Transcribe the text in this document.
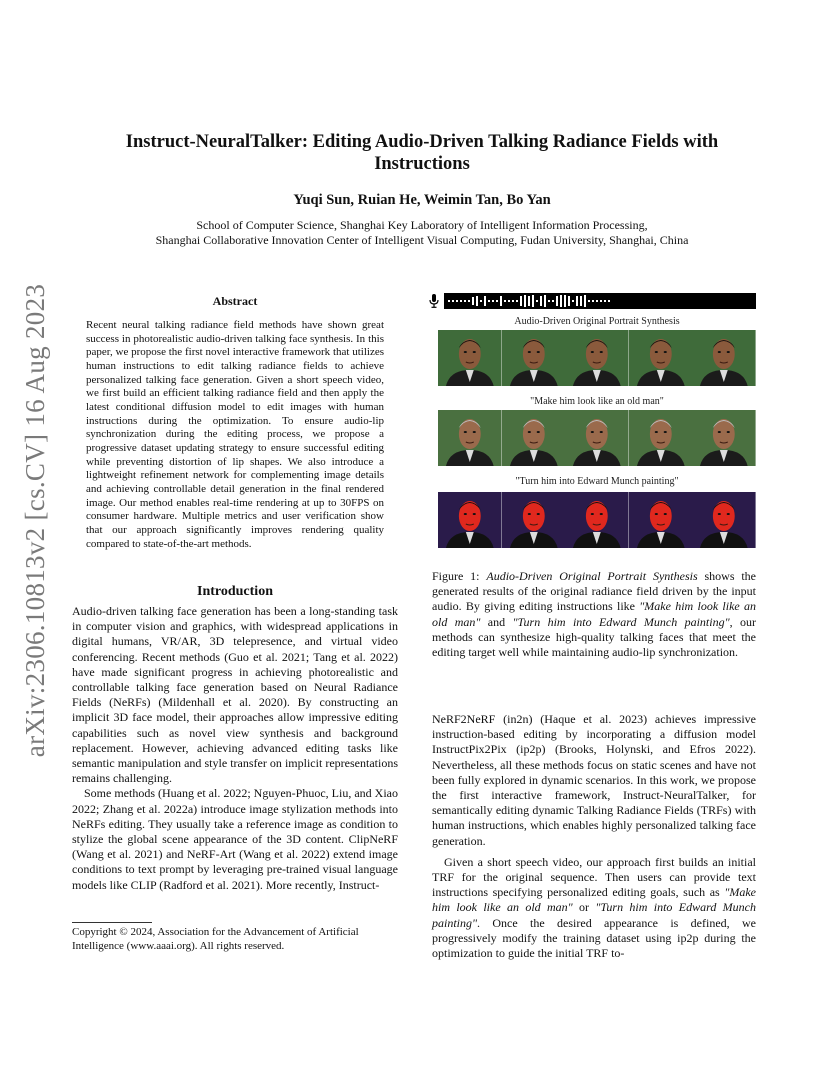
arXiv:2306.10813v2 [cs.CV] 16 Aug 2023
Instruct-NeuralTalker: Editing Audio-Driven Talking Radiance Fields with
Instructions
Yuqi Sun, Ruian He, Weimin Tan, Bo Yan
School of Computer Science, Shanghai Key Laboratory of Intelligent Information Processing,
Shanghai Collaborative Innovation Center of Intelligent Visual Computing, Fudan University, Shanghai, China
Abstract
Recent neural talking radiance field methods have shown great success in photorealistic audio-driven talking face synthesis. In this paper, we propose the first novel interactive framework that utilizes human instructions to edit talking radiance fields to achieve personalized talking face generation. Given a short speech video, we first build an efficient talking radiance field and then apply the latest conditional diffusion model to edit images with human instructions during the optimization. To ensure audio-lip synchronization during the editing process, we propose a progressive dataset updating strategy to ensure successful editing while preventing distortion of lip shapes. We also introduce a lightweight refinement network for complementing image details and achieving controllable detail generation in the final rendered image. Our method enables real-time rendering at up to 30FPS on consumer hardware. Multiple metrics and user verification show that our approach significantly improves rendering quality compared to state-of-the-art methods.
Introduction

Audio-driven talking face generation has been a long-standing task in computer vision and graphics, with widespread applications in digital humans, VR/AR, 3D telepresence, and virtual video conferencing. Recent methods (Guo et al. 2021; Tang et al. 2022) have made significant progress in achieving photorealistic and controllable talking face generation based on Neural Radiance Fields (NeRFs) (Mildenhall et al. 2020). By constructing an implicit 3D face model, their approaches allow impressive editing capabilities such as novel view synthesis and background replacement. However, achieving advanced editing tasks like semantic manipulation and style transfer on implicit representations remains challenging.

Some methods (Huang et al. 2022; Nguyen-Phuoc, Liu, and Xiao 2022; Zhang et al. 2022a) introduce image stylization methods into NeRFs editing. They usually take a reference image as condition to stylize the global scene appearance of the 3D content. ClipNeRF (Wang et al. 2021) and NeRF-Art (Wang et al. 2022) extend image conditions to text prompt by leveraging pre-trained visual language models like CLIP (Radford et al. 2021). More recently, Instruct-

Copyright © 2024, Association for the Advancement of Artificial Intelligence (www.aaai.org). All rights reserved.
Audio-Driven Original Portrait Synthesis
"Make him look like an old man"
"Turn him into Edward Munch painting"
Figure 1: Audio-Driven Original Portrait Synthesis shows the generated results of the original radiance field driven by the input audio. By giving editing instructions like "Make him look like an old man" and "Turn him into Edward Munch painting", our methods can synthesize high-quality talking faces that meet the editing target well while maintaining audio-lip synchronization.

NeRF2NeRF (in2n) (Haque et al. 2023) achieves impressive instruction-based editing by incorporating a diffusion model InstructPix2Pix (ip2p) (Brooks, Holynski, and Efros 2022). Nevertheless, all these methods focus on static scenes and have not been fully explored in dynamic scenarios. In this work, we propose the first interactive framework, Instruct-NeuralTalker, for semantically editing dynamic Talking Radiance Fields (TRFs) with human instructions, which enables highly personalized talking face generation.

Given a short speech video, our approach first builds an initial TRF for the original sequence. Then users can provide text instructions specifying personalized editing goals, such as "Make him look like an old man" or "Turn him into Edward Munch painting". Once the desired appearance is defined, we progressively modify the training dataset using ip2p during the optimization to guide the initial TRF to-
